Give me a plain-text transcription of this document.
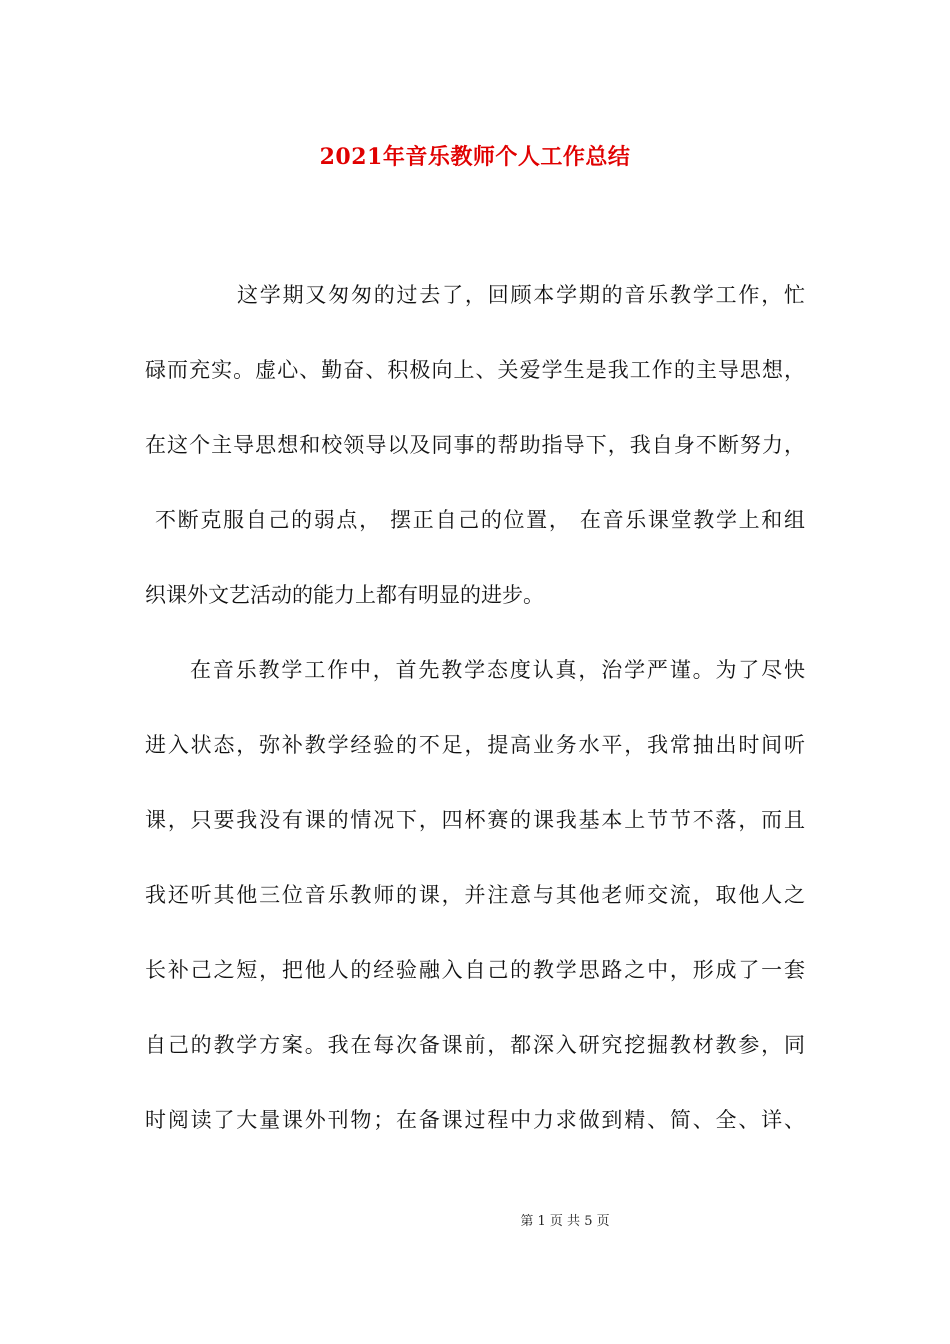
2021年音乐教师个人工作总结
这学期又匆匆的过去了，回顾本学期的音乐教学工作，忙
碌而充实。虚心、勤奋、积极向上、关爱学生是我工作的主导思想，
在这个主导思想和校领导以及同事的帮助指导下，我自身不断努力，
不断克服自己的弱点， 摆正自己的位置， 在音乐课堂教学上和组
织课外文艺活动的能力上都有明显的进步。
在音乐教学工作中，首先教学态度认真，治学严谨。为了尽快
进入状态，弥补教学经验的不足，提高业务水平，我常抽出时间听
课，只要我没有课的情况下，四杯赛的课我基本上节节不落，而且
我还听其他三位音乐教师的课，并注意与其他老师交流，取他人之
长补己之短，把他人的经验融入自己的教学思路之中，形成了一套
自己的教学方案。我在每次备课前，都深入研究挖掘教材教参，同
时阅读了大量课外刊物；在备课过程中力求做到精、简、全、详、
第 1 页 共 5 页
